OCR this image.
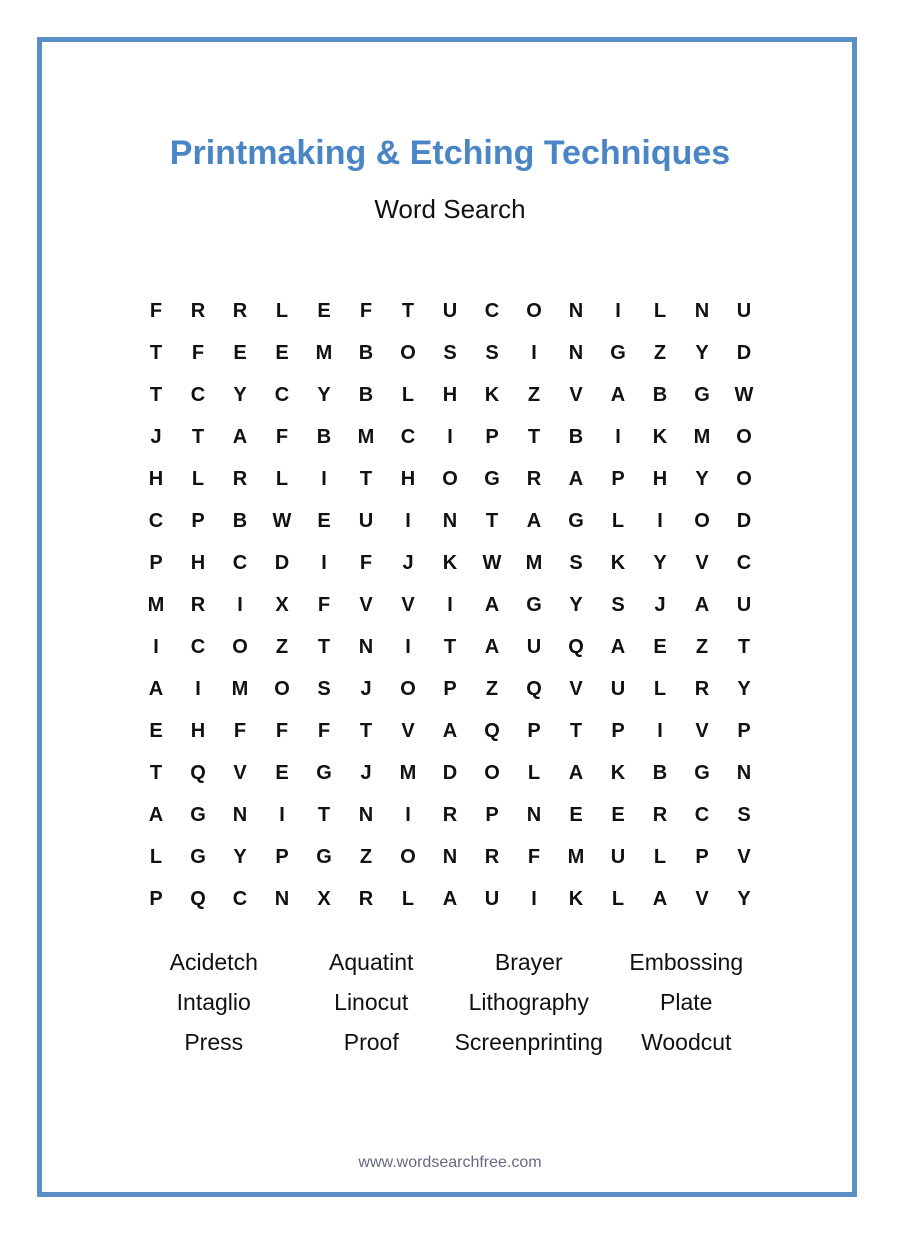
Printmaking & Etching Techniques
Word Search
F	R	R	L	E	F	T	U	C	O	N	I	L	N	U
T	F	E	E	M	B	O	S	S	I	N	G	Z	Y	D
T	C	Y	C	Y	B	L	H	K	Z	V	A	B	G	W
J	T	A	F	B	M	C	I	P	T	B	I	K	M	O
H	L	R	L	I	T	H	O	G	R	A	P	H	Y	O
C	P	B	W	E	U	I	N	T	A	G	L	I	O	D
P	H	C	D	I	F	J	K	W	M	S	K	Y	V	C
M	R	I	X	F	V	V	I	A	G	Y	S	J	A	U
I	C	O	Z	T	N	I	T	A	U	Q	A	E	Z	T
A	I	M	O	S	J	O	P	Z	Q	V	U	L	R	Y
E	H	F	F	F	T	V	A	Q	P	T	P	I	V	P
T	Q	V	E	G	J	M	D	O	L	A	K	B	G	N
A	G	N	I	T	N	I	R	P	N	E	E	R	C	S
L	G	Y	P	G	Z	O	N	R	F	M	U	L	P	V
P	Q	C	N	X	R	L	A	U	I	K	L	A	V	Y
Acidetch	Aquatint	Brayer	Embossing
Intaglio	Linocut	Lithography	Plate
Press	Proof	Screenprinting	Woodcut
www.wordsearchfree.com
